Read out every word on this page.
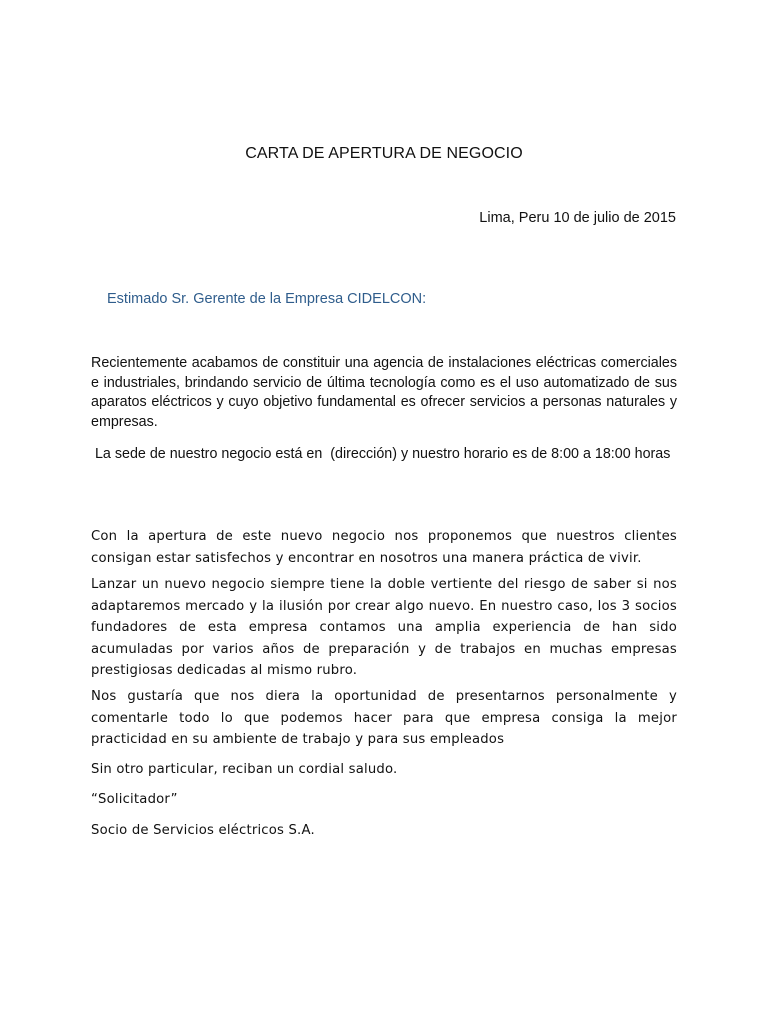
CARTA DE APERTURA DE NEGOCIO
Lima, Peru 10 de julio de 2015
Estimado Sr. Gerente de la Empresa CIDELCON:

Recientemente acabamos de constituir una agencia de instalaciones eléctricas comerciales e industriales, brindando servicio de última tecnología como es el uso automatizado de sus aparatos eléctricos y cuyo objetivo fundamental es ofrecer servicios a personas naturales y empresas.

La sede de nuestro negocio está en  (dirección) y nuestro horario es de 8:00 a 18:00 horas

Con la apertura de este nuevo negocio nos proponemos que nuestros clientes consigan estar satisfechos y encontrar en nosotros una manera práctica de vivir.

Lanzar un nuevo negocio siempre tiene la doble vertiente del riesgo de saber si nos adaptaremos mercado y la ilusión por crear algo nuevo. En nuestro caso, los 3 socios fundadores de esta empresa contamos una amplia experiencia de han sido acumuladas por varios años de preparación y de trabajos en muchas empresas prestigiosas dedicadas al mismo rubro.

Nos gustaría que nos diera la oportunidad de presentarnos personalmente y comentarle todo lo que podemos hacer para que empresa consiga la mejor practicidad en su ambiente de trabajo y para sus empleados

Sin otro particular, reciban un cordial saludo.

“Solicitador”

Socio de Servicios eléctricos S.A.
